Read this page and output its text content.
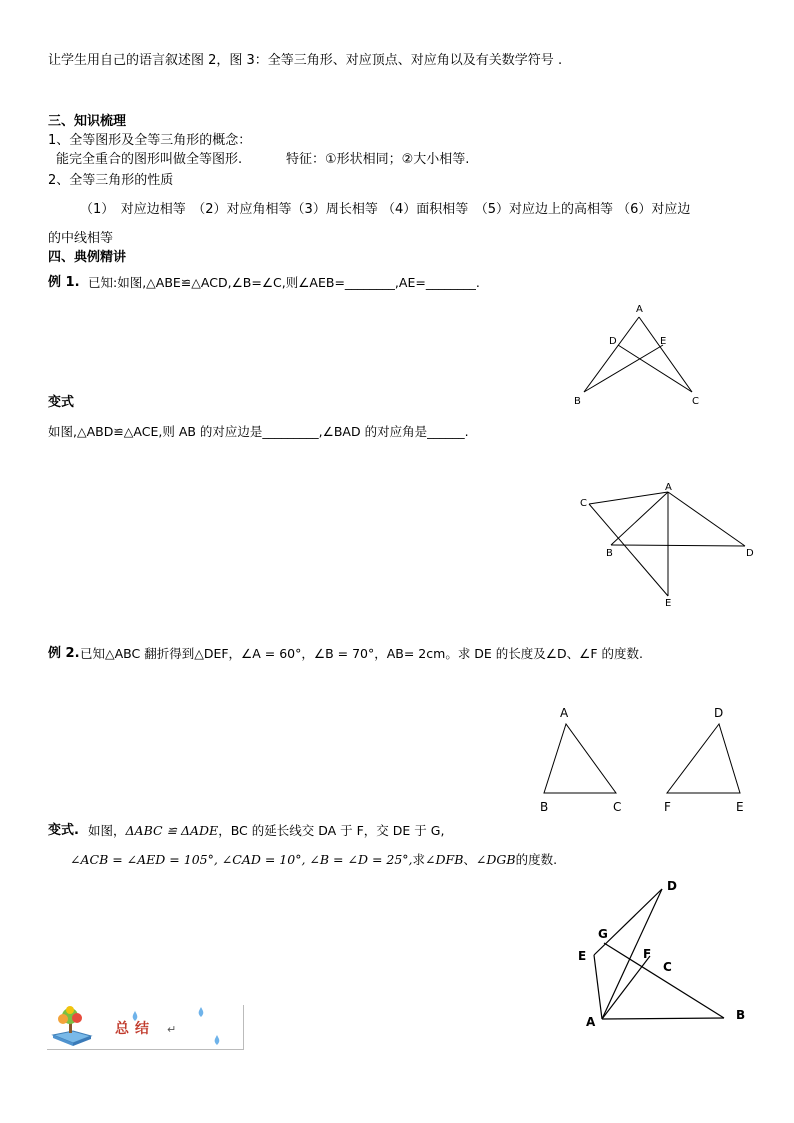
让学生用自己的语言叙述图 2，图 3：全等三角形、对应顶点、对应角以及有关数学符号 .
三、知识梳理
1、全等图形及全等三角形的概念：
能完全重合的图形叫做全等图形.	特征：①形状相同；②大小相等.
2、全等三角形的性质
（1）　对应边相等　（2）对应角相等（3）周长相等 （4）面积相等　（5）对应边上的高相等 （6）对应边
的中线相等
四、典例精讲
例 1. 已知:如图,△ABE≌△ACD,∠B=∠C,则∠AEB=________,AE=________.
A
D	E
B	C
变式
如图,△ABD≌△ACE,则 AB 的对应边是_________,∠BAD 的对应角是______.
A
C
B	D
E
例 2. 已知△ABC 翻折得到△DEF，∠A = 60°，∠B = 70°，AB= 2cm。求 DE 的长度及∠D、∠F 的度数.
A
B	C
D
F	E
变式. 如图，ΔABC ≌ ΔADE，BC 的延长线交 DA 于 F，交 DE 于 G,
∠ACB = ∠AED = 105°, ∠CAD = 10°, ∠B = ∠D = 25°,求∠DFB、∠DGB的度数.
D
G
E	F
C
A	B
总结 ↵
